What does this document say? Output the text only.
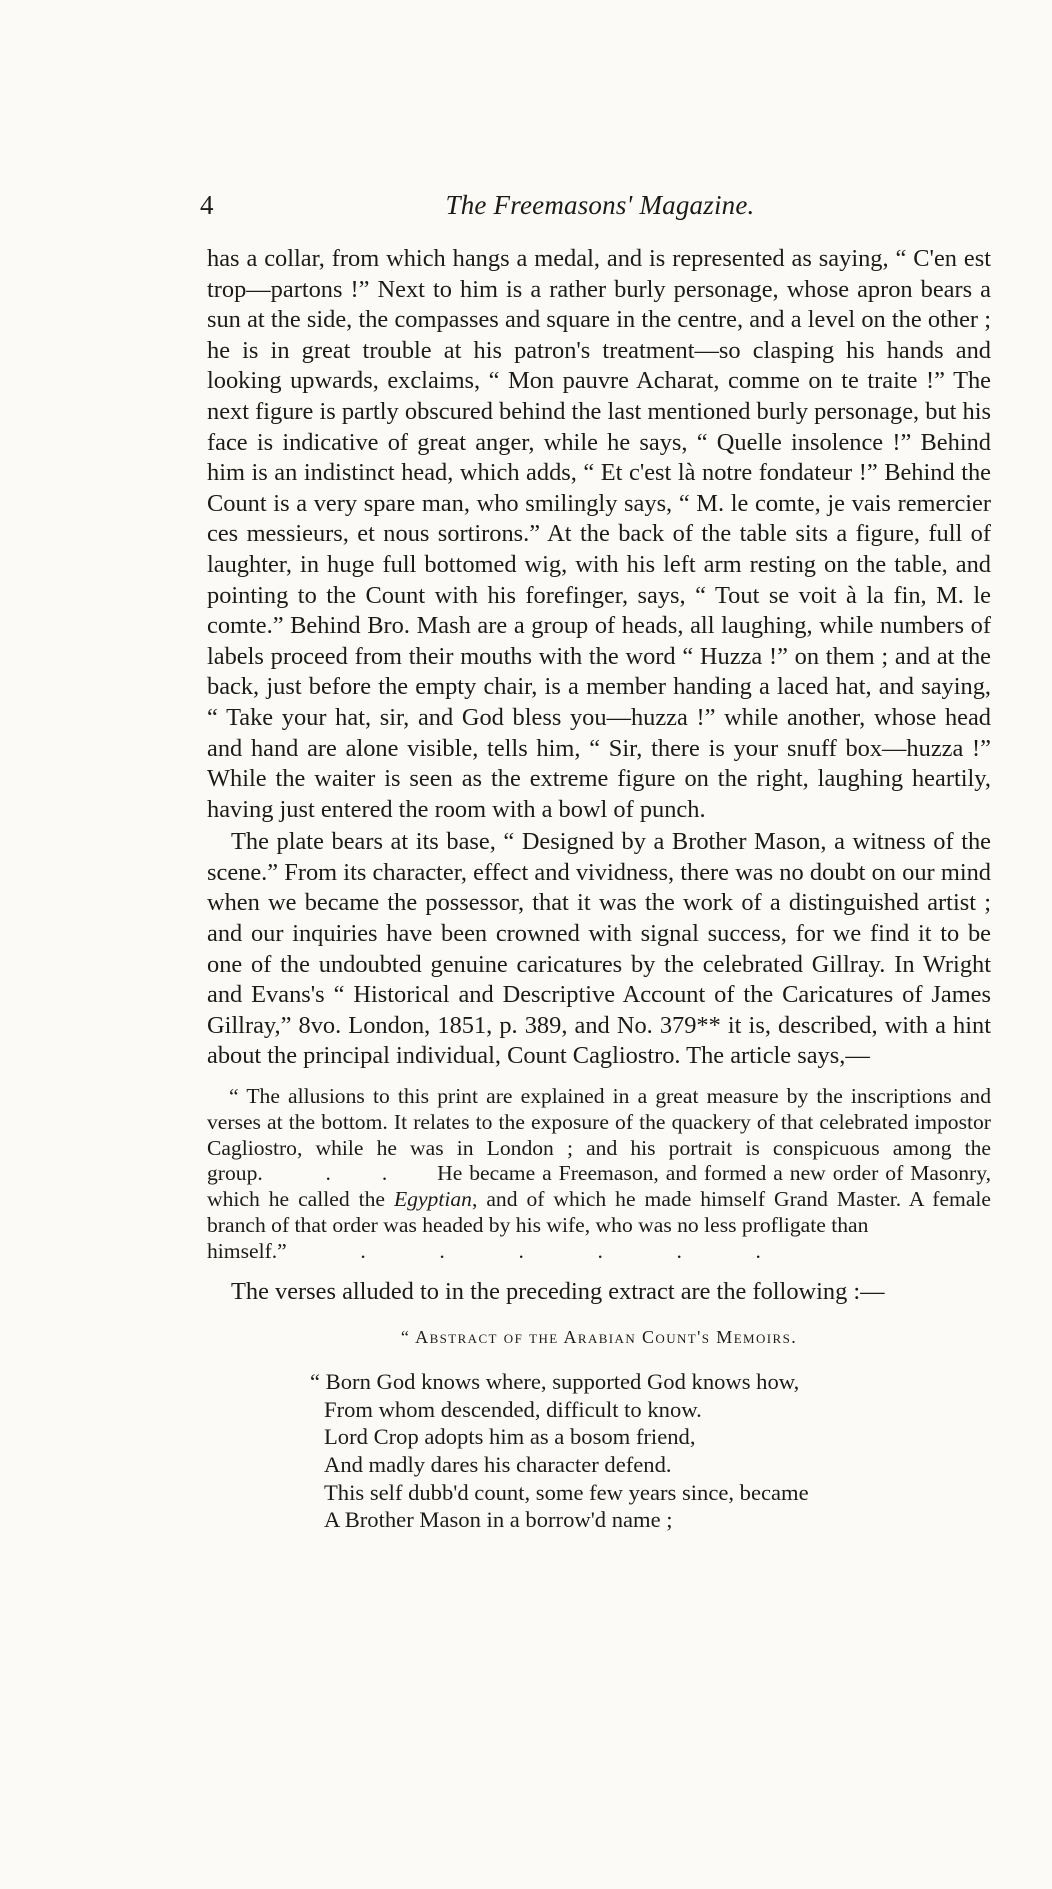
4	The Freemasons' Magazine.

has a collar, from which hangs a medal, and is represented as saying, “ C'en est trop—partons !” Next to him is a rather burly personage, whose apron bears a sun at the side, the compasses and square in the centre, and a level on the other ; he is in great trouble at his patron's treatment—so clasping his hands and looking upwards, exclaims, “ Mon pauvre Acharat, comme on te traite !” The next figure is partly obscured behind the last mentioned burly personage, but his face is indicative of great anger, while he says, “ Quelle insolence !” Behind him is an indistinct head, which adds, “ Et c'est là notre fondateur !” Behind the Count is a very spare man, who smilingly says, “ M. le comte, je vais remercier ces messieurs, et nous sortirons.” At the back of the table sits a figure, full of laughter, in huge full bottomed wig, with his left arm resting on the table, and pointing to the Count with his forefinger, says, “ Tout se voit à la fin, M. le comte.” Behind Bro. Mash are a group of heads, all laughing, while numbers of labels proceed from their mouths with the word “ Huzza !” on them ; and at the back, just before the empty chair, is a member handing a laced hat, and saying, “ Take your hat, sir, and God bless you—huzza !” while another, whose head and hand are alone visible, tells him, “ Sir, there is your snuff box—huzza !” While the waiter is seen as the extreme figure on the right, laughing heartily, having just entered the room with a bowl of punch.

The plate bears at its base, “ Designed by a Brother Mason, a witness of the scene.” From its character, effect and vividness, there was no doubt on our mind when we became the possessor, that it was the work of a distinguished artist ; and our inquiries have been crowned with signal success, for we find it to be one of the undoubted genuine caricatures by the celebrated Gillray. In Wright and Evans's “ Historical and Descriptive Account of the Caricatures of James Gillray,” 8vo. London, 1851, p. 389, and No. 379** it is, described, with a hint about the principal individual, Count Cagliostro. The article says,—

“ The allusions to this print are explained in a great measure by the inscriptions and verses at the bottom. It relates to the exposure of the quackery of that celebrated impostor Cagliostro, while he was in London ; and his portrait is conspicuous among the group.	. . He became a Freemason, and formed a new order of Masonry, which he called the Egyptian, and of which he made himself Grand Master. A female branch of that order was headed by his wife, who was no less profligate than

himself.”	.	.	.	.	.	.

The verses alluded to in the preceding extract are the following :—

“ Abstract of the Arabian Count's Memoirs.

“ Born God knows where, supported God knows how,

From whom descended, difficult to know.

Lord Crop adopts him as a bosom friend,

And madly dares his character defend.

This self dubb'd count, some few years since, became

A Brother Mason in a borrow'd name ;
